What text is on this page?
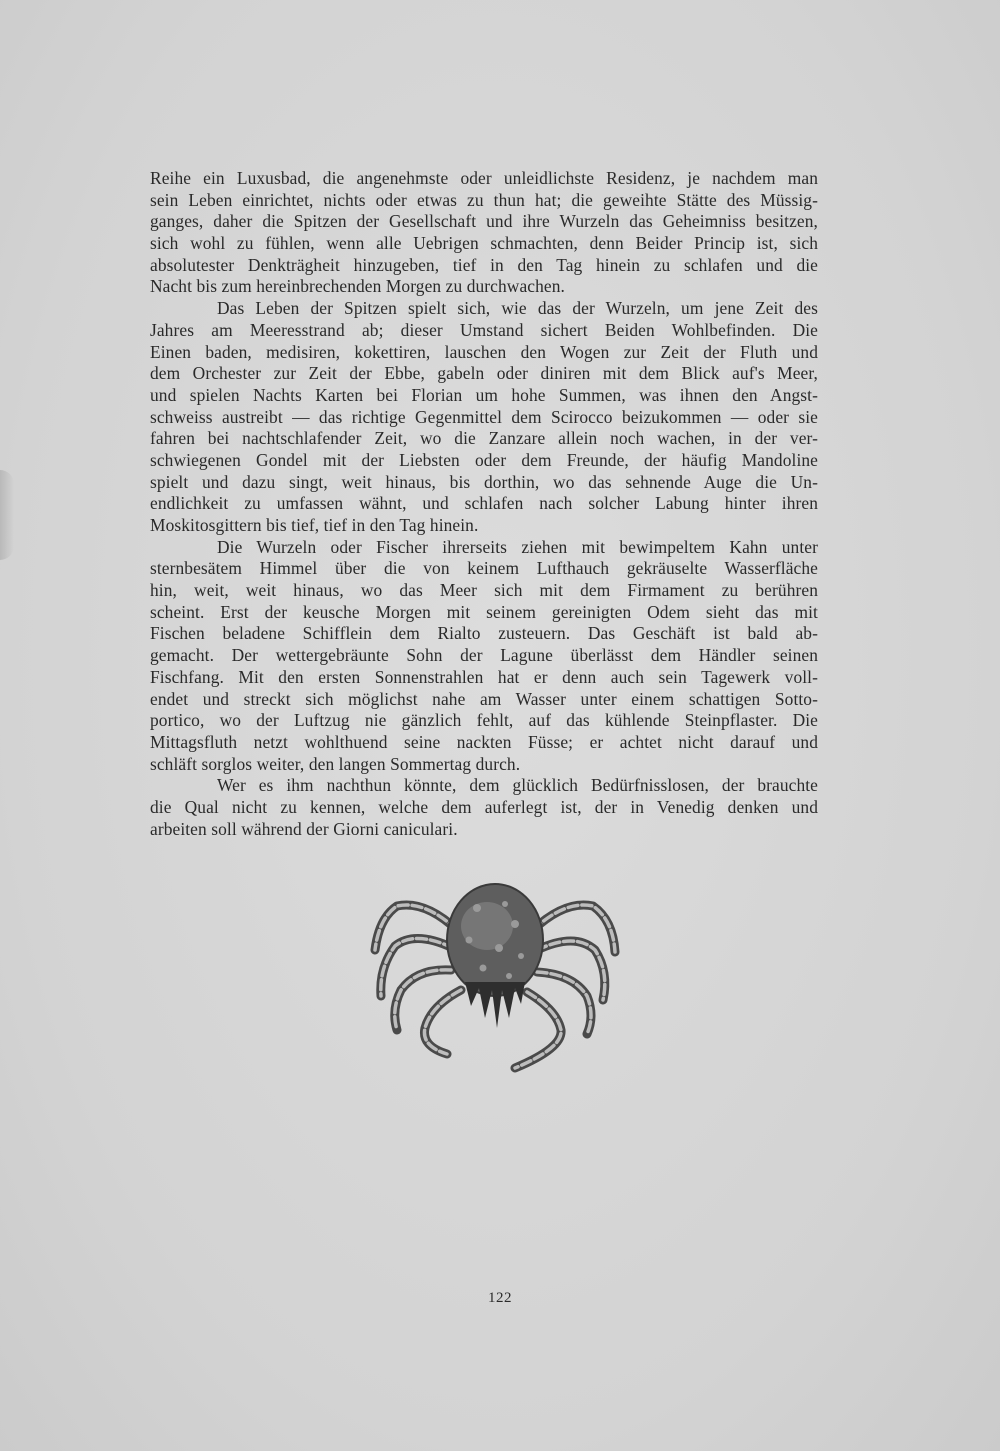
Reihe ein Luxusbad, die angenehmste oder unleidlichste Residenz, je nachdem man
sein Leben einrichtet, nichts oder etwas zu thun hat; die geweihte Stätte des Müssig-
ganges, daher die Spitzen der Gesellschaft und ihre Wurzeln das Geheimniss besitzen,
sich wohl zu fühlen, wenn alle Uebrigen schmachten, denn Beider Princip ist, sich
absolutester Denkträgheit hinzugeben, tief in den Tag hinein zu schlafen und die
Nacht bis zum hereinbrechenden Morgen zu durchwachen.
Das Leben der Spitzen spielt sich, wie das der Wurzeln, um jene Zeit des
Jahres am Meeresstrand ab; dieser Umstand sichert Beiden Wohlbefinden. Die
Einen baden, medisiren, kokettiren, lauschen den Wogen zur Zeit der Fluth und
dem Orchester zur Zeit der Ebbe, gabeln oder diniren mit dem Blick auf's Meer,
und spielen Nachts Karten bei Florian um hohe Summen, was ihnen den Angst-
schweiss austreibt — das richtige Gegenmittel dem Scirocco beizukommen — oder sie
fahren bei nachtschlafender Zeit, wo die Zanzare allein noch wachen, in der ver-
schwiegenen Gondel mit der Liebsten oder dem Freunde, der häufig Mandoline
spielt und dazu singt, weit hinaus, bis dorthin, wo das sehnende Auge die Un-
endlichkeit zu umfassen wähnt, und schlafen nach solcher Labung hinter ihren
Moskitosgittern bis tief, tief in den Tag hinein.
Die Wurzeln oder Fischer ihrerseits ziehen mit bewimpeltem Kahn unter
sternbesätem Himmel über die von keinem Lufthauch gekräuselte Wasserfläche
hin, weit, weit hinaus, wo das Meer sich mit dem Firmament zu berühren
scheint. Erst der keusche Morgen mit seinem gereinigten Odem sieht das mit
Fischen beladene Schifflein dem Rialto zusteuern. Das Geschäft ist bald ab-
gemacht. Der wettergebräunte Sohn der Lagune überlässt dem Händler seinen
Fischfang. Mit den ersten Sonnenstrahlen hat er denn auch sein Tagewerk voll-
endet und streckt sich möglichst nahe am Wasser unter einem schattigen Sotto-
portico, wo der Luftzug nie gänzlich fehlt, auf das kühlende Steinpflaster. Die
Mittagsfluth netzt wohlthuend seine nackten Füsse; er achtet nicht darauf und
schläft sorglos weiter, den langen Sommertag durch.
Wer es ihm nachthun könnte, dem glücklich Bedürfnisslosen, der brauchte
die Qual nicht zu kennen, welche dem auferlegt ist, der in Venedig denken und
arbeiten soll während der Giorni caniculari.
122
